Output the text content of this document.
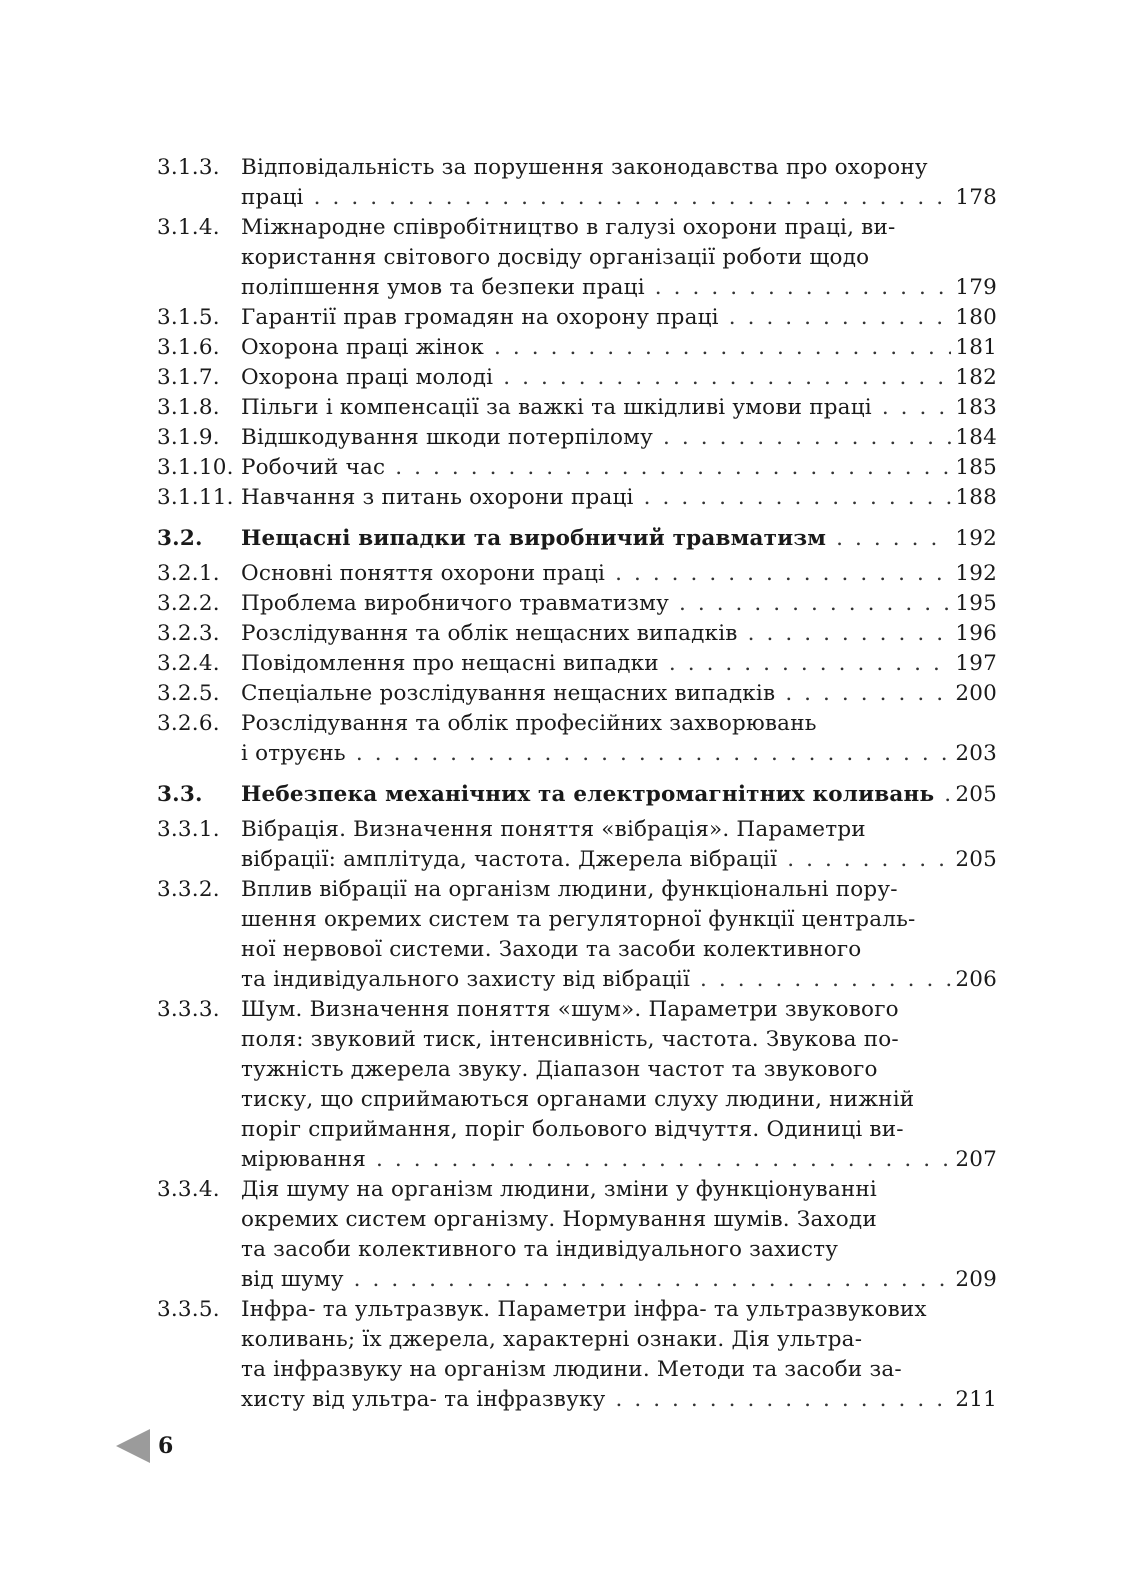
3.1.3. Відповідальність за порушення законодавства про охорону
праці . . .	178
3.1.4. Міжнародне співробітництво в галузі охорони праці, ви-
користання світового досвіду організації роботи щодо
поліпшення умов та безпеки праці . . .	179
3.1.5. Гарантії прав громадян на охорону праці . . .	180
3.1.6. Охорона праці жінок . . .	181
3.1.7. Охорона праці молоді . . .	182
3.1.8. Пільги і компенсації за важкі та шкідливі умови праці . . .	183
3.1.9. Відшкодування шкоди потерпілому . . .	184
3.1.10. Робочий час . . .	185
3.1.11. Навчання з питань охорони праці . . .	188
3.2.	Нещасні випадки та виробничий травматизм . . .	192
3.2.1. Основні поняття охорони праці . . .	192
3.2.2. Проблема виробничого травматизму . . .	195
3.2.3. Розслідування та облік нещасних випадків . . .	196
3.2.4. Повідомлення про нещасні випадки . . .	197
3.2.5. Спеціальне розслідування нещасних випадків . . .	200
3.2.6. Розслідування та облік професійних захворювань
і отруєнь . . .	203
3.3.	Небезпека механічних та електромагнітних коливань . . . 205
3.3.1. Вібрація. Визначення поняття «вібрація». Параметри
вібрації: амплітуда, частота. Джерела вібрації . . .	205
3.3.2. Вплив вібрації на організм людини, функціональні пору-
шення окремих систем та регуляторної функції централь-
ної нервової системи. Заходи та засоби колективного
та індивідуального захисту від вібрації . . .	206
3.3.3. Шум. Визначення поняття «шум». Параметри звукового
поля: звуковий тиск, інтенсивність, частота. Звукова по-
тужність джерела звуку. Діапазон частот та звукового
тиску, що сприймаються органами слуху людини, нижній
поріг сприймання, поріг больового відчуття. Одиниці ви-
мірювання . . .	207
3.3.4. Дія шуму на організм людини, зміни у функціонуванні
окремих систем організму. Нормування шумів. Заходи
та засоби колективного та індивідуального захисту
від шуму . . .	209
3.3.5. Інфра- та ультразвук. Параметри інфра- та ультразвукових
коливань; їх джерела, характерні ознаки. Дія ультра-
та інфразвуку на організм людини. Методи та засоби за-
хисту від ультра- та інфразвуку . . .	211
6
